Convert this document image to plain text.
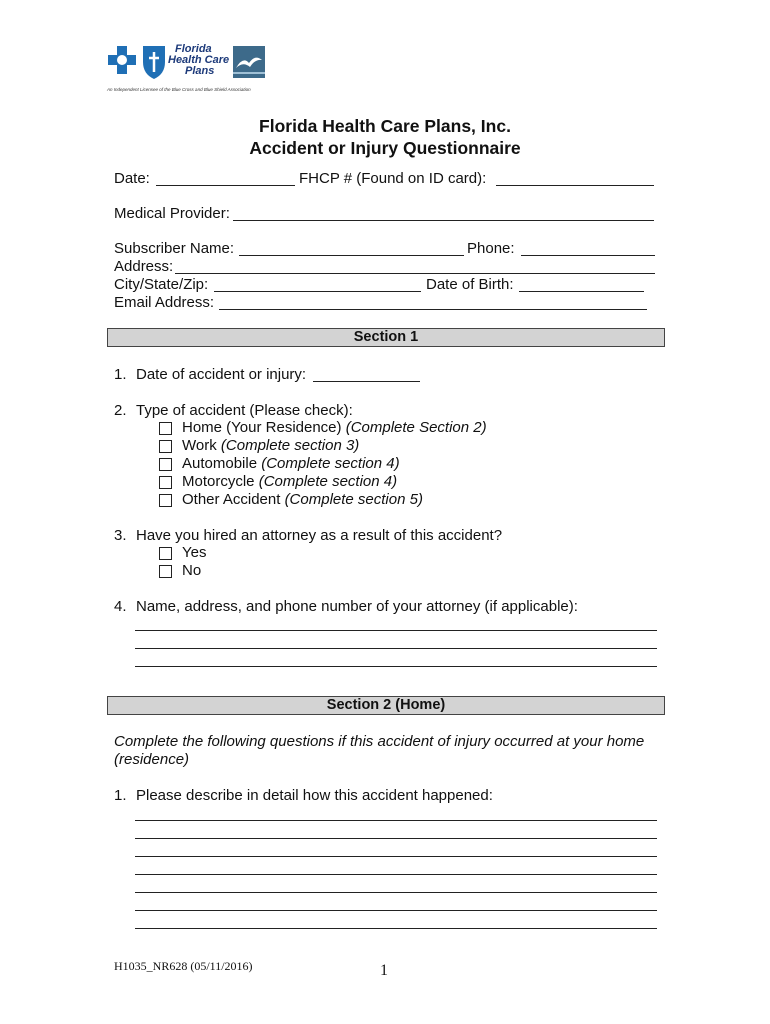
Florida
Health Care
Plans
An Independent Licensee of the Blue Cross and Blue Shield Association
Florida Health Care Plans, Inc.
Accident or Injury Questionnaire
Date:	FHCP # (Found on ID card):
Medical Provider:
Subscriber Name:	Phone:
Address:
City/State/Zip:	Date of Birth:
Email Address:
Section 1
1. Date of accident or injury:
2. Type of accident (Please check):
Home (Your Residence) (Complete Section 2)
Work (Complete section 3)
Automobile (Complete section 4)
Motorcycle (Complete section 4)
Other Accident (Complete section 5)
3. Have you hired an attorney as a result of this accident?
Yes
No
4. Name, address, and phone number of your attorney (if applicable):
Section 2 (Home)
Complete the following questions if this accident of injury occurred at your home
(residence)
1. Please describe in detail how this accident happened:
H1035_NR628 (05/11/2016)	1
